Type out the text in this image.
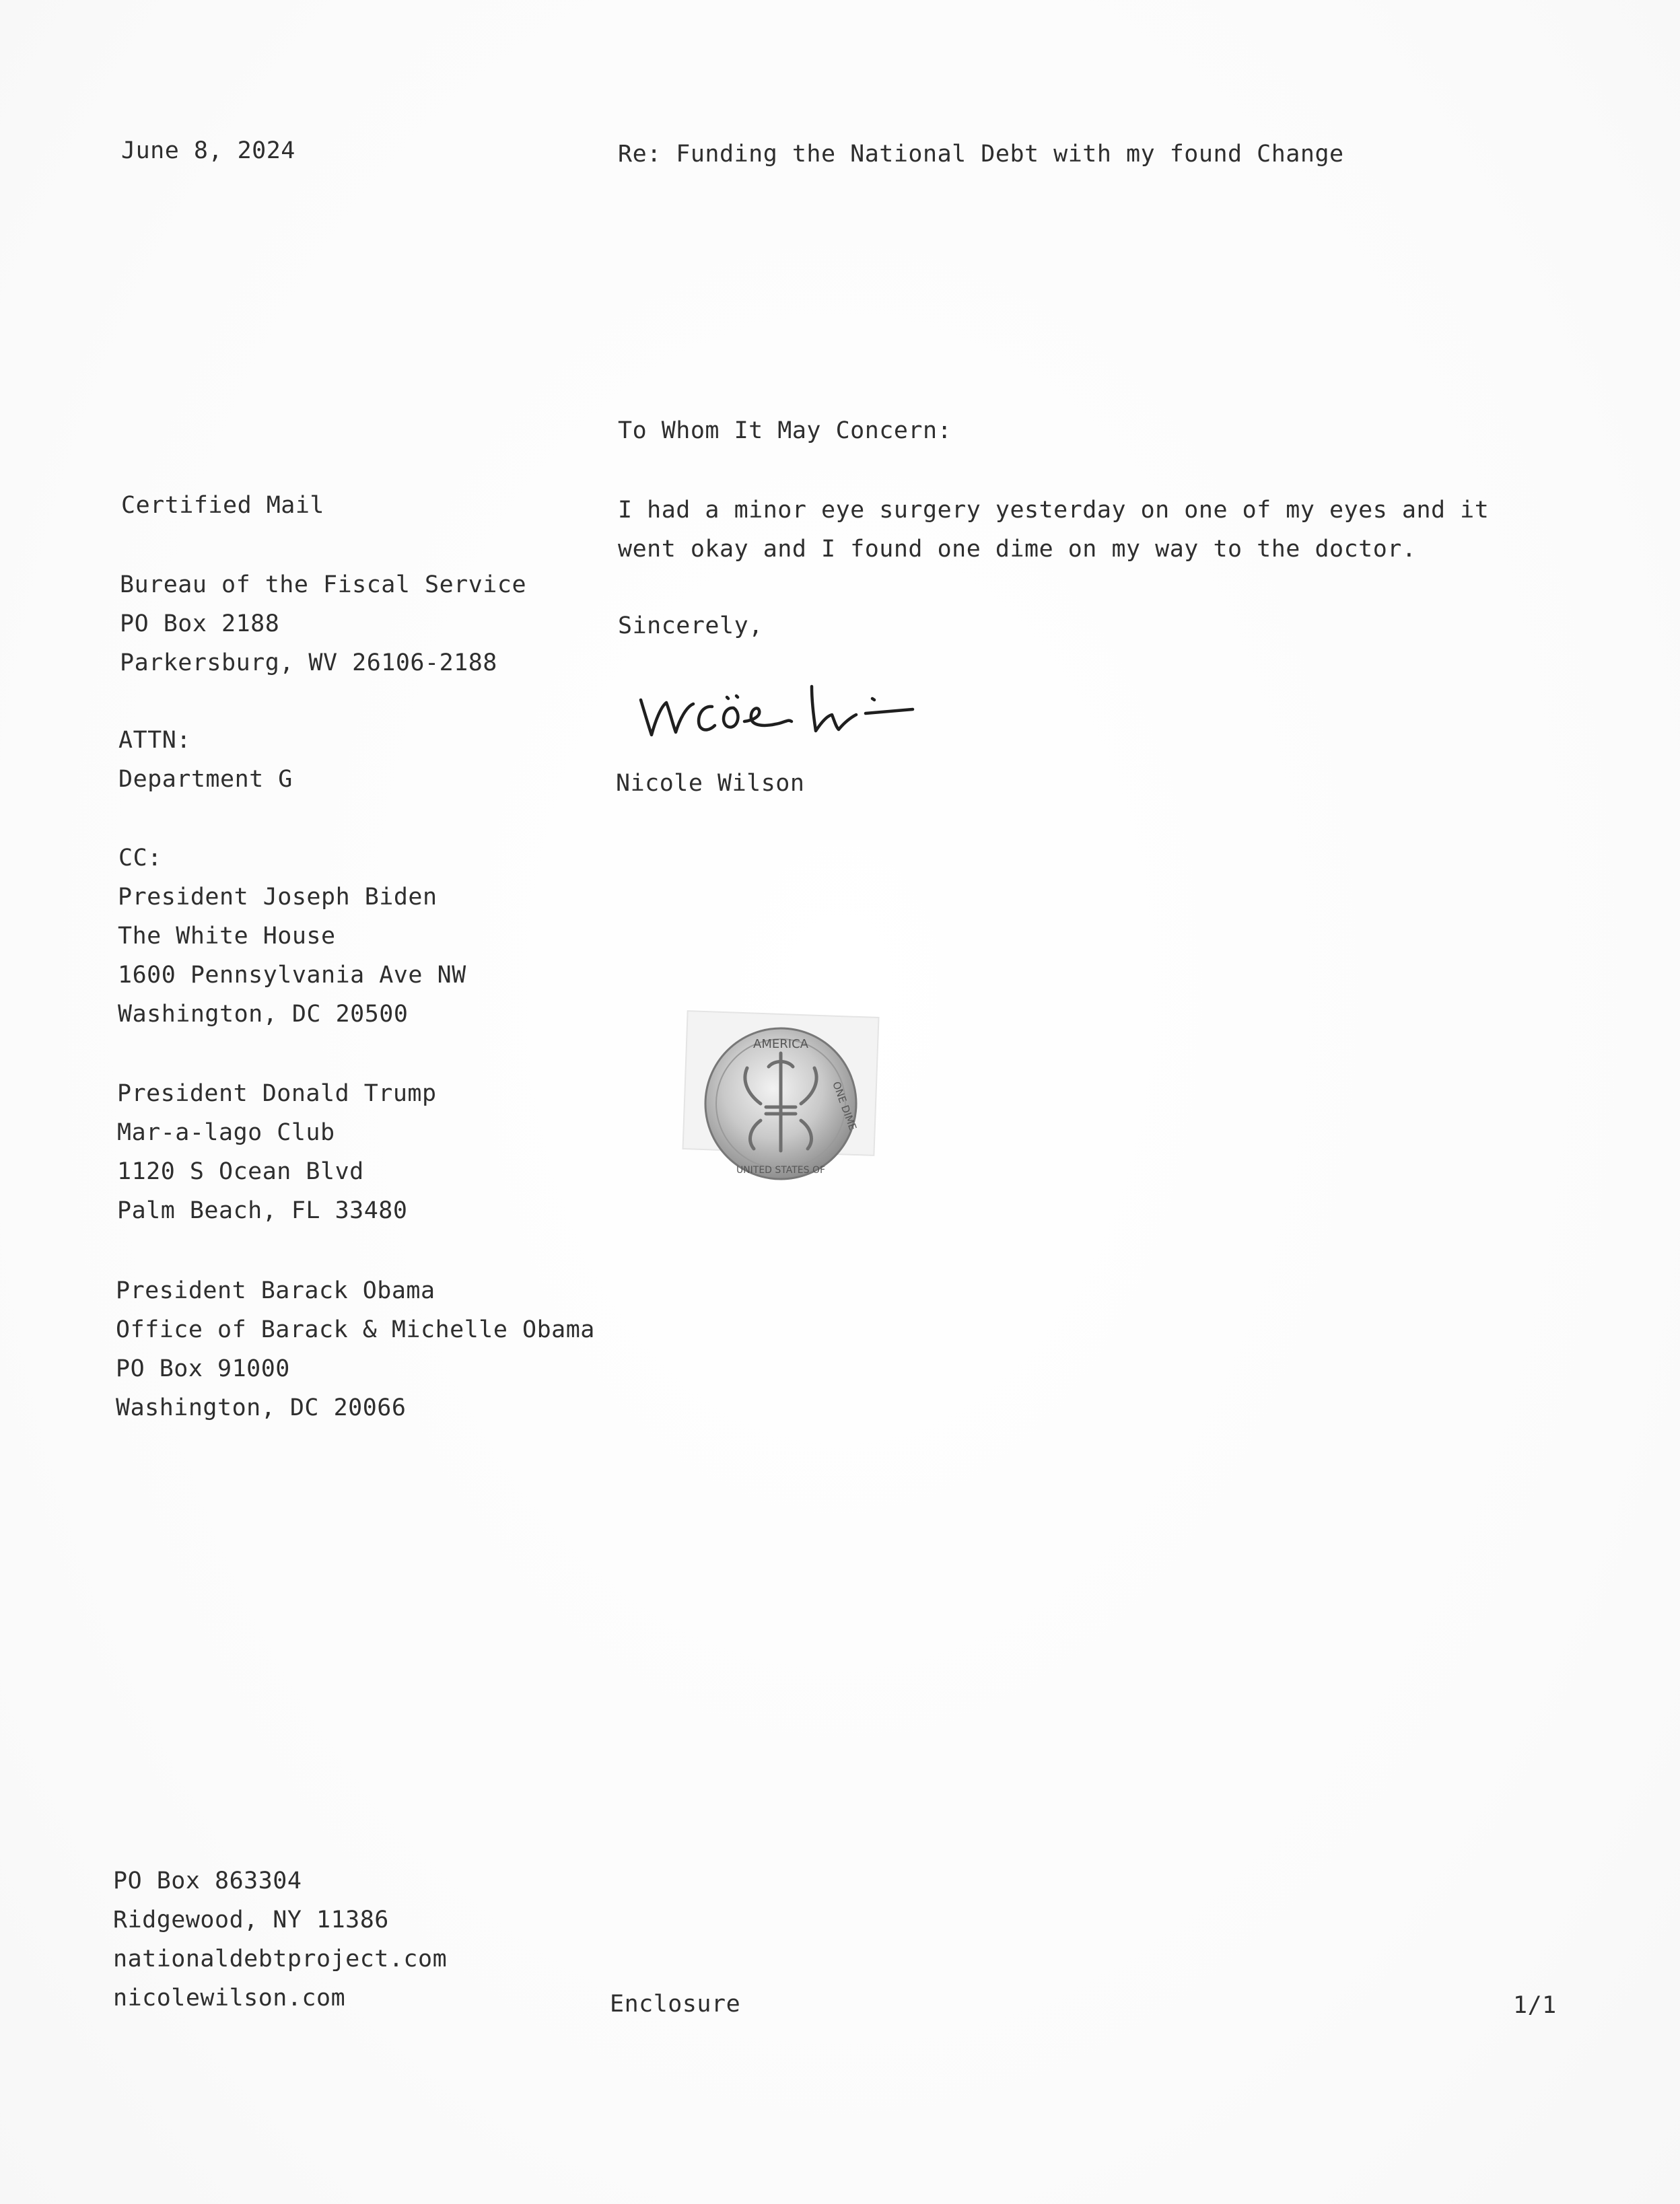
June 8, 2024	Re: Funding the National Debt with my found Change
To Whom It May Concern:
I had a minor eye surgery yesterday on one of my eyes and it went okay and I found one dime on my way to the doctor.
Sincerely,
Nicole Wilson
Certified Mail
Bureau of the Fiscal Service
PO Box 2188
Parkersburg, WV 26106-2188
ATTN:
Department G
CC:
President Joseph Biden
The White House
1600 Pennsylvania Ave NW
Washington, DC 20500
President Donald Trump
Mar-a-lago Club
1120 S Ocean Blvd
Palm Beach, FL 33480
President Barack Obama
Office of Barack & Michelle Obama
PO Box 91000
Washington, DC 20066
AMERICA
ONE DIME
UNITED STATES OF
PO Box 863304
Ridgewood, NY 11386
nationaldebtproject.com
nicolewilson.com	Enclosure	1/1
